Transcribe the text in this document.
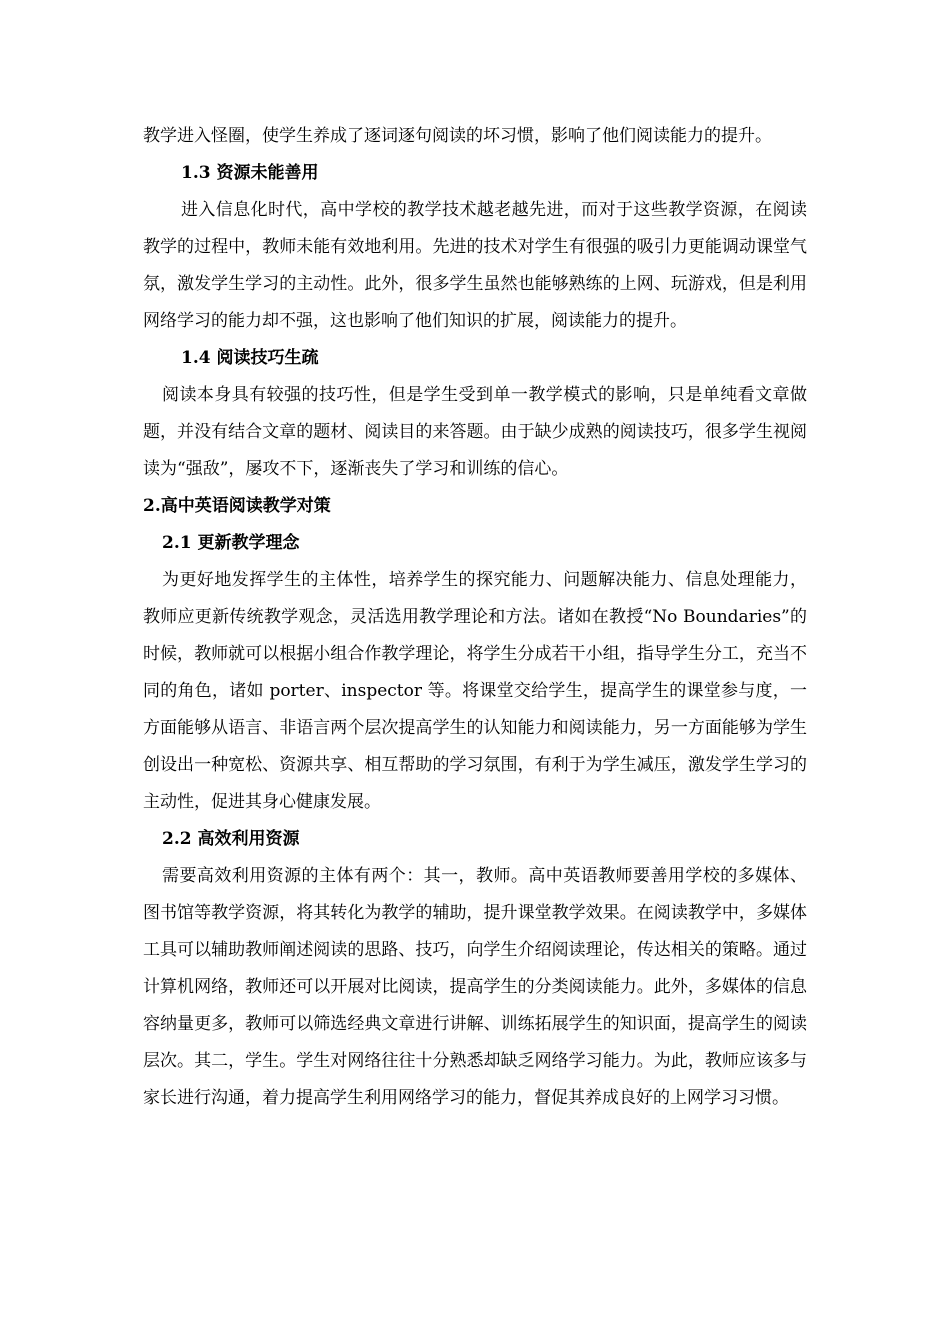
教学进入怪圈，使学生养成了逐词逐句阅读的坏习惯，影响了他们阅读能力的提升。

1.3 资源未能善用

进入信息化时代，高中学校的教学技术越老越先进，而对于这些教学资源，在阅读教学的过程中，教师未能有效地利用。先进的技术对学生有很强的吸引力更能调动课堂气氛，激发学生学习的主动性。此外，很多学生虽然也能够熟练的上网、玩游戏，但是利用网络学习的能力却不强，这也影响了他们知识的扩展，阅读能力的提升。

1.4 阅读技巧生疏

阅读本身具有较强的技巧性，但是学生受到单一教学模式的影响，只是单纯看文章做题，并没有结合文章的题材、阅读目的来答题。由于缺少成熟的阅读技巧，很多学生视阅读为“强敌”，屡攻不下，逐渐丧失了学习和训练的信心。

2.高中英语阅读教学对策

2.1 更新教学理念

为更好地发挥学生的主体性，培养学生的探究能力、问题解决能力、信息处理能力，教师应更新传统教学观念，灵活选用教学理论和方法。诸如在教授“No Boundaries”的时候，教师就可以根据小组合作教学理论，将学生分成若干小组，指导学生分工，充当不同的角色，诸如 porter、inspector 等。将课堂交给学生，提高学生的课堂参与度，一方面能够从语言、非语言两个层次提高学生的认知能力和阅读能力，另一方面能够为学生创设出一种宽松、资源共享、相互帮助的学习氛围，有利于为学生减压，激发学生学习的主动性，促进其身心健康发展。

2.2 高效利用资源

需要高效利用资源的主体有两个：其一，教师。高中英语教师要善用学校的多媒体、图书馆等教学资源，将其转化为教学的辅助，提升课堂教学效果。在阅读教学中，多媒体工具可以辅助教师阐述阅读的思路、技巧，向学生介绍阅读理论，传达相关的策略。通过计算机网络，教师还可以开展对比阅读，提高学生的分类阅读能力。此外，多媒体的信息容纳量更多，教师可以筛选经典文章进行讲解、训练拓展学生的知识面，提高学生的阅读层次。其二，学生。学生对网络往往十分熟悉却缺乏网络学习能力。为此，教师应该多与家长进行沟通，着力提高学生利用网络学习的能力，督促其养成良好的上网学习习惯。
